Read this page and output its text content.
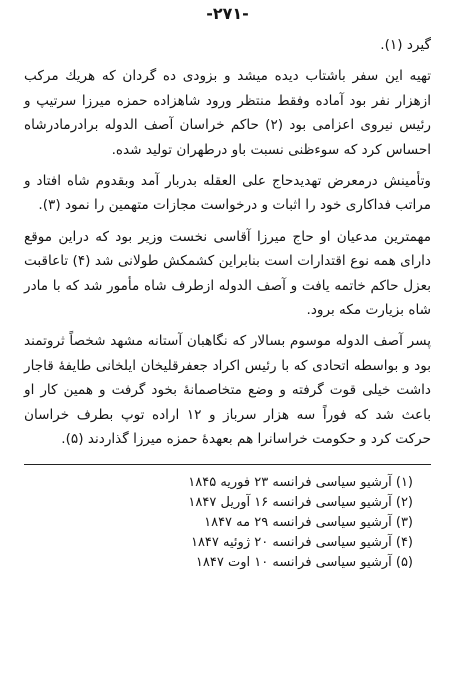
-۲۷۱-

گیرد (۱).

تهیه این سفر باشتاب دیده میشد و بزودی ده گردان که هریك مرکب ازهزار نفر بود آماده وفقط منتظر ورود شاهزاده حمزه میرزا سرتیپ و رئیس نیروی اعزامی بود (۲) حاکم خراسان آصف الدوله برادرمادرشاه احساس کرد که سوءظنی نسبت باو درطهران تولید شده.

وتأمینش درمعرض تهدیدحاج علی العقله بدربار آمد وبقدوم شاه افتاد و مراتب فداکاری خود را اثبات و درخواست مجازات متهمین را نمود (۳).

مهمترین مدعیان او حاج میرزا آقاسی نخست وزیر بود که دراین موقع دارای همه نوع اقتدارات است بنابراین کشمکش طولانی شد (۴) تاعاقبت بعزل حاکم خاتمه یافت و آصف الدوله ازطرف شاه مأمور شد که با مادر شاه بزیارت مکه برود.

پسر آصف الدوله موسوم بسالار که نگاهبان آستانه مشهد شخصاً ثروتمند بود و بواسطه اتحادی که با رئیس اکراد جعفرقلیخان ایلخانی طایفهٔ قاجار داشت خیلی قوت گرفته و وضع متخاصمانهٔ بخود گرفت و همین کار او باعث شد که فوراً سه هزار سرباز و ۱۲ اراده توپ بطرف خراسان حرکت کرد و حکومت خراسانرا هم بعهدهٔ حمزه میرزا گذاردند (۵).

(۱) آرشیو سیاسی فرانسه ۲۳ فوریه ۱۸۴۵
(۲) آرشیو سیاسی فرانسه ۱۶ آوریل ۱۸۴۷
(۳) آرشیو سیاسی فرانسه ۲۹ مه ۱۸۴۷
(۴) آرشیو سیاسی فرانسه ۲۰ ژوئیه ۱۸۴۷
(۵) آرشیو سیاسی فرانسه ۱۰ اوت ۱۸۴۷
